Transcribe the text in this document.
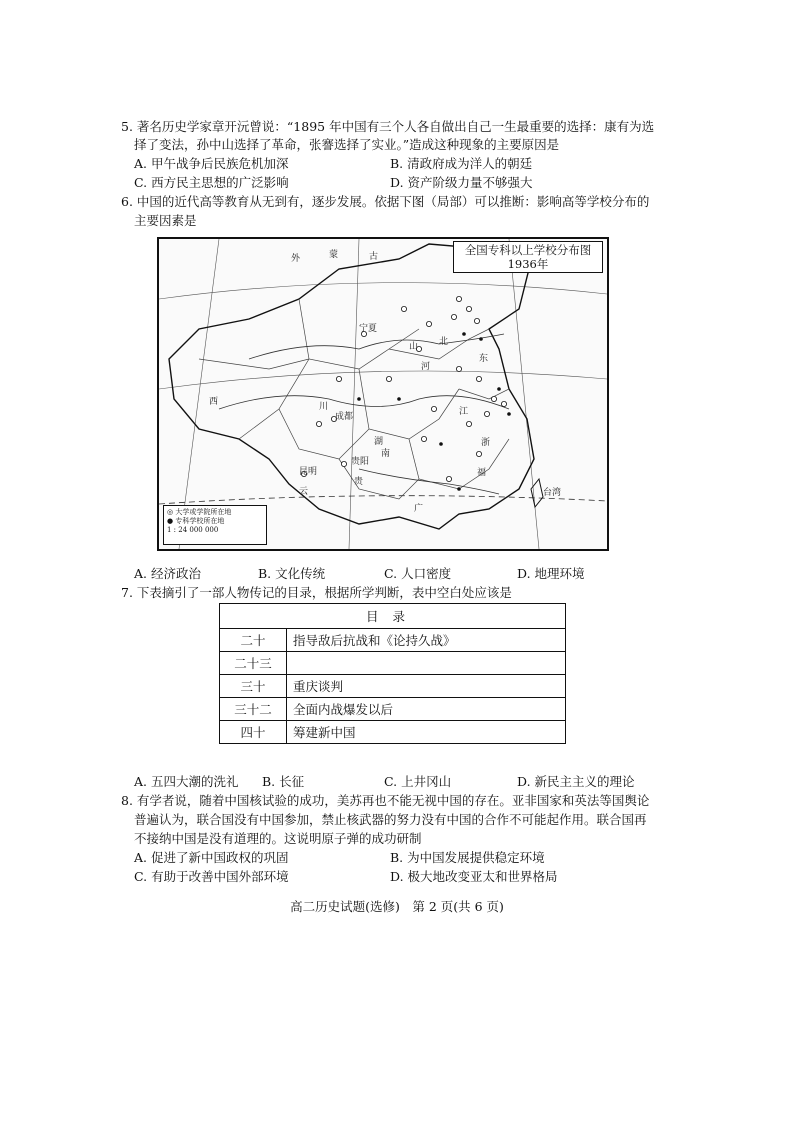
5. 著名历史学家章开沅曾说：“1895 年中国有三个人各自做出自己一生最重要的选择：康有为选
择了变法，孙中山选择了革命，张謇选择了实业。”造成这种现象的主要原因是
A. 甲午战争后民族危机加深	B. 清政府成为洋人的朝廷
C. 西方民主思想的广泛影响	D. 资产阶级力量不够强大
6. 中国的近代高等教育从无到有，逐步发展。依据下图（局部）可以推断：影响高等学校分布的
主要因素是
外	蒙	古
宁夏
西	川
湖
南
江
浙
福
台湾
云
广
贵
河
北
山
东
成都
昆明
贵阳
全国专科以上学校分布图
1936年
◎ 大学或学院所在地
● 专科学校所在地
1 : 24 000 000
A. 经济政治	B. 文化传统	C. 人口密度	D. 地理环境
7. 下表摘引了一部人物传记的目录，根据所学判断，表中空白处应该是
目录	
二十	指导敌后抗战和《论持久战》
二十三	
三十	重庆谈判
三十二	全面内战爆发以后
四十	筹建新中国
A. 五四大潮的洗礼 B. 长征	C. 上井冈山	D. 新民主主义的理论
8. 有学者说，随着中国核试验的成功，美苏再也不能无视中国的存在。亚非国家和英法等国舆论
普遍认为，联合国没有中国参加，禁止核武器的努力没有中国的合作不可能起作用。联合国再
不接纳中国是没有道理的。这说明原子弹的成功研制
A. 促进了新中国政权的巩固	B. 为中国发展提供稳定环境
C. 有助于改善中国外部环境	D. 极大地改变亚太和世界格局
高二历史试题(选修)　第 2 页(共 6 页)
